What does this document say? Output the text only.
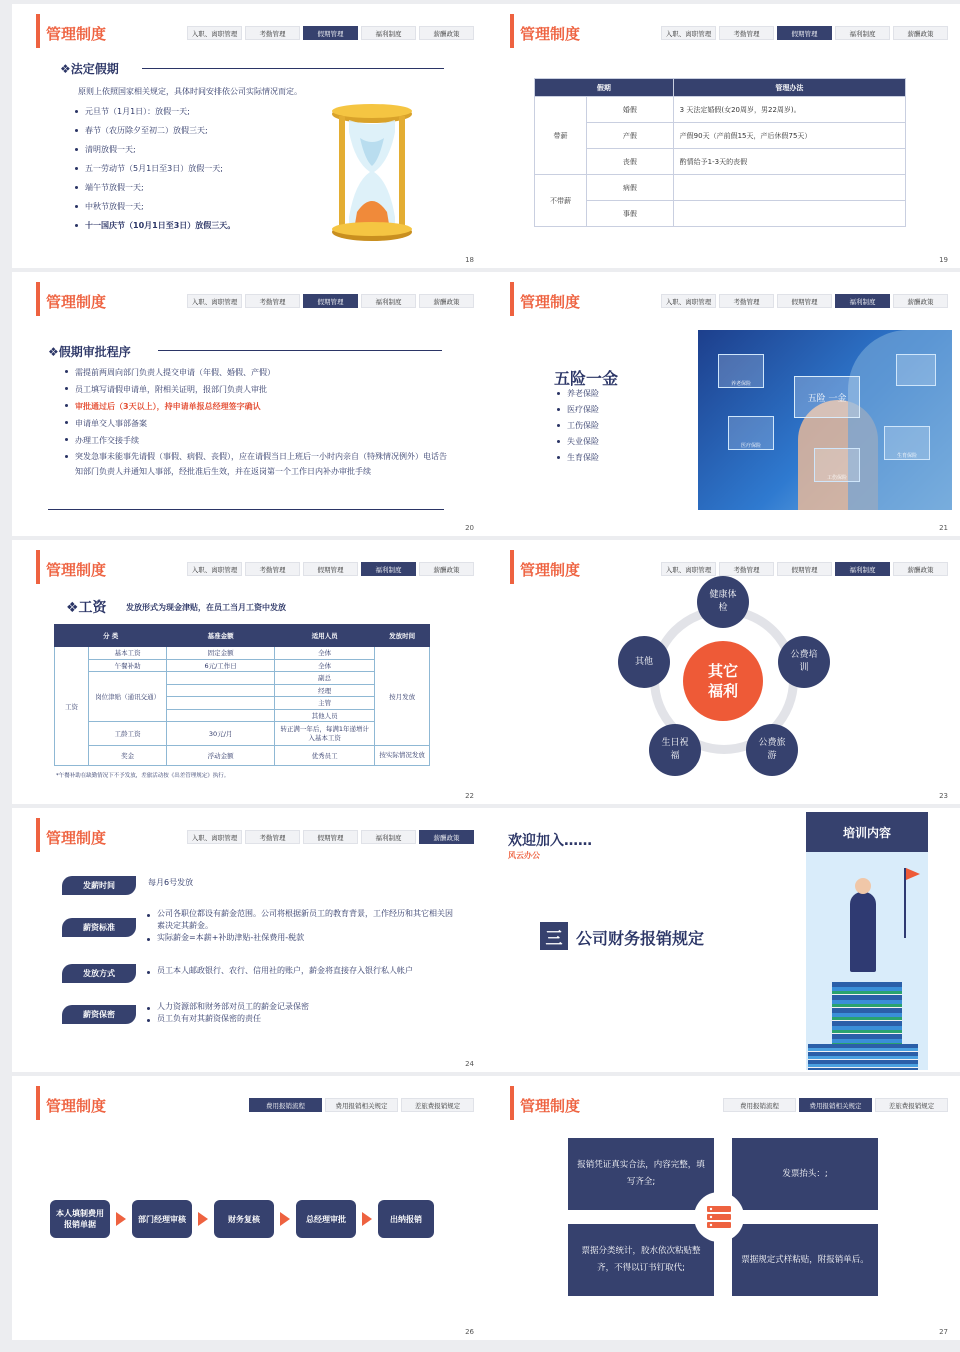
管理制度	入职、离职管理	考勤管理	假期管理	福利制度	薪酬政策
❖法定假期
原则上依照国家相关规定，具体时间安排依公司实际情况而定。
元旦节（1月1日）：放假一天;
春节（农历除夕至初二）放假三天;
清明放假一天;
五一劳动节（5月1日至3日）放假一天;
端午节放假一天;
中秋节放假一天;
十一国庆节（10月1日至3日）放假三天。
18
管理制度	入职、离职管理	考勤管理	假期管理	福利制度	薪酬政策
假期		管理办法
带薪	婚假	3 天法定婚假(女20周岁，男22周岁)。
	产假	产假90天（产前假15天，产后休假75天）
	丧假	酌情给予1-3天的丧假
不带薪	病假	
	事假	
19
管理制度	入职、离职管理	考勤管理	假期管理	福利制度	薪酬政策
❖假期审批程序
需提前两周向部门负责人提交申请（年假、婚假、产假）
员工填写请假申请单，附相关证明，报部门负责人审批
审批通过后（3天以上），持申请单报总经理签字确认
申请单交人事部备案
办理工作交接手续
突发急事未能事先请假（事假、病假、丧假），应在请假当日上班后一小时内亲自（特殊情况例外）电话告知部门负责人并通知人事部，经批准后生效，并在返岗第一个工作日内补办审批手续
20
管理制度	入职、离职管理	考勤管理	假期管理	福利制度	薪酬政策
五险一金
养老保险
医疗保险
工伤保险
失业保险
生育保险
养老保险
医疗保险
五险 一金
工伤保险
生育保险
21
管理制度	入职、离职管理	考勤管理	假期管理	福利制度	薪酬政策
❖工资 发放形式为现金津贴，在员工当月工资中发放
分 类		基准金额	适用人员	发放时间
工资	基本工资	固定金额	全体	按月发放
	午餐补助	6元/工作日	全体	
	岗位津贴（通讯交通）		副总	
			经理	
			主管	
			其他人员	
	工龄工资	30元/月	转正满一年后，每满1年递增计入基本工资	
	奖金	浮动金额	优秀员工	按实际情况发放
*午餐补助在缺勤情况下不予发放，差旅活动按《出差管理规定》执行。
22
管理制度	入职、离职管理	考勤管理	假期管理	福利制度	薪酬政策
其它福利
健康体检
公费培训
公费旅游
生日祝福
其他
23
管理制度	入职、离职管理	考勤管理	假期管理	福利制度	薪酬政策
发薪时间	每月6号发放
薪资标准
公司各职位都设有薪金范围。公司将根据新员工的教育背景，工作经历和其它相关因素决定其薪金。
实际薪金=本薪+补助津贴-社保费用-税款
发放方式	员工本人邮政银行、农行、信用社的账户，薪金将直接存入银行私人帐户
薪资保密
人力资源部和财务部对员工的薪金记录保密
员工负有对其薪资保密的责任
24
欢迎加入……
风云办公
三 公司财务报销规定
培训内容
管理制度	费用报销流程	费用报销相关规定	差旅费报销规定
本人填制费用报销单据
部门经理审核	财务复核	总经理审批	出纳报销
26
管理制度	费用报销流程	费用报销相关规定	差旅费报销规定
报销凭证真实合法，内容完整，填写齐全;
发票抬头：;
票据分类统计，胶水依次粘贴整齐，不得以订书钉取代;
票据规定式样粘贴，附报销单后。
27
